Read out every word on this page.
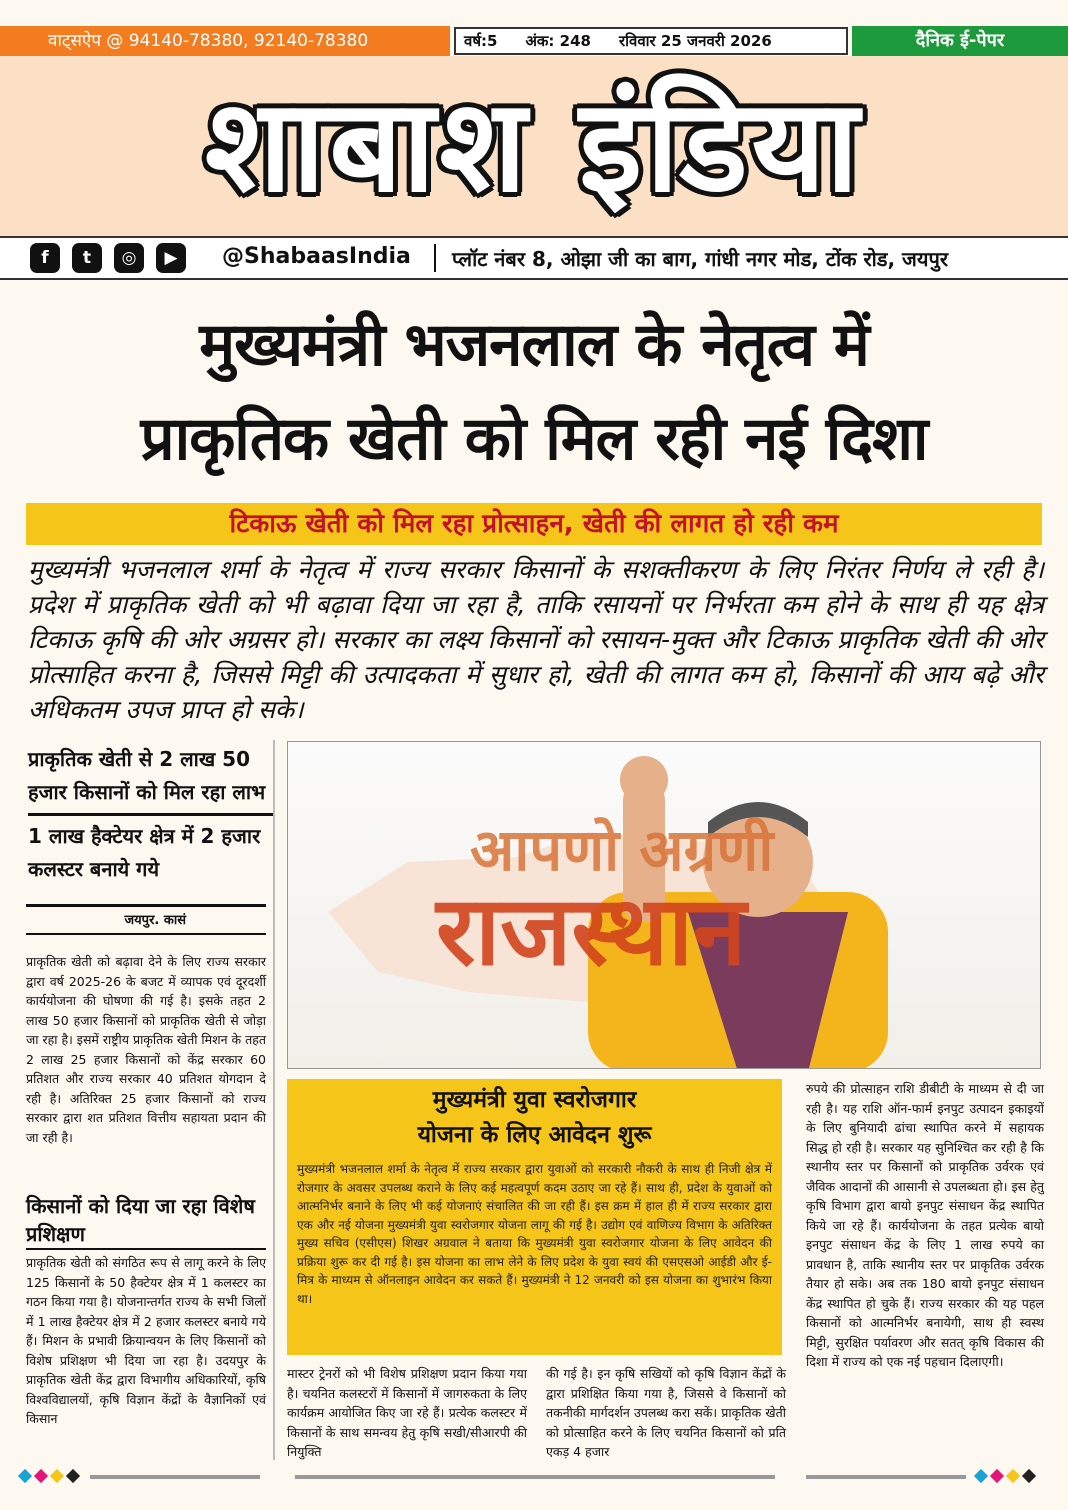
वाट्सऐप @ 94140-78380, 92140-78380	वर्ष:5 अंक: 248 रविवार 25 जनवरी 2026	दैनिक ई-पेपर
शाबाश इंडिया
f	t	◎	▶	@ShabaasIndia प्लॉट नंबर 8, ओझा जी का बाग, गांधी नगर मोड, टोंक रोड, जयपुर
मुख्यमंत्री भजनलाल के नेतृत्व में
प्राकृतिक खेती को मिल रही नई दिशा
टिकाऊ खेती को मिल रहा प्रोत्साहन, खेती की लागत हो रही कम
मुख्यमंत्री भजनलाल शर्मा के नेतृत्व में राज्य सरकार किसानों के सशक्तीकरण के लिए निरंतर निर्णय ले रही है। प्रदेश में प्राकृतिक खेती को भी बढ़ावा दिया जा रहा है, ताकि रसायनों पर निर्भरता कम होने के साथ ही यह क्षेत्र टिकाऊ कृषि की ओर अग्रसर हो। सरकार का लक्ष्य किसानों को रसायन-मुक्त और टिकाऊ प्राकृतिक खेती की ओर प्रोत्साहित करना है, जिससे मिट्टी की उत्पादकता में सुधार हो, खेती की लागत कम हो, किसानों की आय बढ़े और अधिकतम उपज प्राप्त हो सके।
प्राकृतिक खेती से 2 लाख 50 हजार किसानों को मिल रहा लाभ
1 लाख हैक्टेयर क्षेत्र में 2 हजार कलस्टर बनाये गये
जयपुर. कासं
प्राकृतिक खेती को बढ़ावा देने के लिए राज्य सरकार द्वारा वर्ष 2025-26 के बजट में व्यापक एवं दूरदर्शी कार्ययोजना की घोषणा की गई है। इसके तहत 2 लाख 50 हजार किसानों को प्राकृतिक खेती से जोड़ा जा रहा है। इसमें राष्ट्रीय प्राकृतिक खेती मिशन के तहत 2 लाख 25 हजार किसानों को केंद्र सरकार 60 प्रतिशत और राज्य सरकार 40 प्रतिशत योगदान दे रही है। अतिरिक्त 25 हजार किसानों को राज्य सरकार द्वारा शत प्रतिशत वित्तीय सहायता प्रदान की जा रही है।
किसानों को दिया जा रहा विशेष प्रशिक्षण
प्राकृतिक खेती को संगठित रूप से लागू करने के लिए 125 किसानों के 50 हैक्टेयर क्षेत्र में 1 कलस्टर का गठन किया गया है। योजनान्तर्गत राज्य के सभी जिलों में 1 लाख हैक्टेयर क्षेत्र में 2 हजार कलस्टर बनाये गये हैं। मिशन के प्रभावी क्रियान्वयन के लिए किसानों को विशेष प्रशिक्षण भी दिया जा रहा है। उदयपुर के प्राकृतिक खेती केंद्र द्वारा विभागीय अधिकारियों, कृषि विश्वविद्यालयों, कृषि विज्ञान केंद्रों के वैज्ञानिकों एवं किसान
आपणो अग्रणी
राजस्थान
मुख्यमंत्री युवा स्वरोजगार
योजना के लिए आवेदन शुरू
मुख्यमंत्री भजनलाल शर्मा के नेतृत्व में राज्य सरकार द्वारा युवाओं को सरकारी नौकरी के साथ ही निजी क्षेत्र में रोजगार के अवसर उपलब्ध कराने के लिए कई महत्वपूर्ण कदम उठाए जा रहे हैं। साथ ही, प्रदेश के युवाओं को आत्मनिर्भर बनाने के लिए भी कई योजनाएं संचालित की जा रही हैं। इस क्रम में हाल ही में राज्य सरकार द्वारा एक और नई योजना मुख्यमंत्री युवा स्वरोजगार योजना लागू की गई है। उद्योग एवं वाणिज्य विभाग के अतिरिक्त मुख्य सचिव (एसीएस) शिखर अग्रवाल ने बताया कि मुख्यमंत्री युवा स्वरोजगार योजना के लिए आवेदन की प्रक्रिया शुरू कर दी गई है। इस योजना का लाभ लेने के लिए प्रदेश के युवा स्वयं की एसएसओ आईडी और ई-मित्र के माध्यम से ऑनलाइन आवेदन कर सकते हैं। मुख्यमंत्री ने 12 जनवरी को इस योजना का शुभारंभ किया था।
मास्टर ट्रेनरों को भी विशेष प्रशिक्षण प्रदान किया गया है। चयनित कलस्टरों में किसानों में जागरुकता के लिए कार्यक्रम आयोजित किए जा रहे हैं। प्रत्येक कलस्टर में किसानों के साथ समन्वय हेतु कृषि सखी/सीआरपी की नियुक्ति
की गई है। इन कृषि सखियों को कृषि विज्ञान केंद्रों के द्वारा प्रशिक्षित किया गया है, जिससे वे किसानों को तकनीकी मार्गदर्शन उपलब्ध करा सकें। प्राकृतिक खेती को प्रोत्साहित करने के लिए चयनित किसानों को प्रति एकड़ 4 हजार
रुपये की प्रोत्साहन राशि डीबीटी के माध्यम से दी जा रही है। यह राशि ऑन-फार्म इनपुट उत्पादन इकाइयों के लिए बुनियादी ढांचा स्थापित करने में सहायक सिद्ध हो रही है। सरकार यह सुनिश्चित कर रही है कि स्थानीय स्तर पर किसानों को प्राकृतिक उर्वरक एवं जैविक आदानों की आसानी से उपलब्धता हो। इस हेतु कृषि विभाग द्वारा बायो इनपुट संसाधन केंद्र स्थापित किये जा रहे हैं। कार्ययोजना के तहत प्रत्येक बायो इनपुट संसाधन केंद्र के लिए 1 लाख रुपये का प्रावधान है, ताकि स्थानीय स्तर पर प्राकृतिक उर्वरक तैयार हो सके। अब तक 180 बायो इनपुट संसाधन केंद्र स्थापित हो चुके हैं। राज्य सरकार की यह पहल किसानों को आत्मनिर्भर बनायेगी, साथ ही स्वस्थ मिट्टी, सुरक्षित पर्यावरण और सतत् कृषि विकास की दिशा में राज्य को एक नई पहचान दिलाएगी।
